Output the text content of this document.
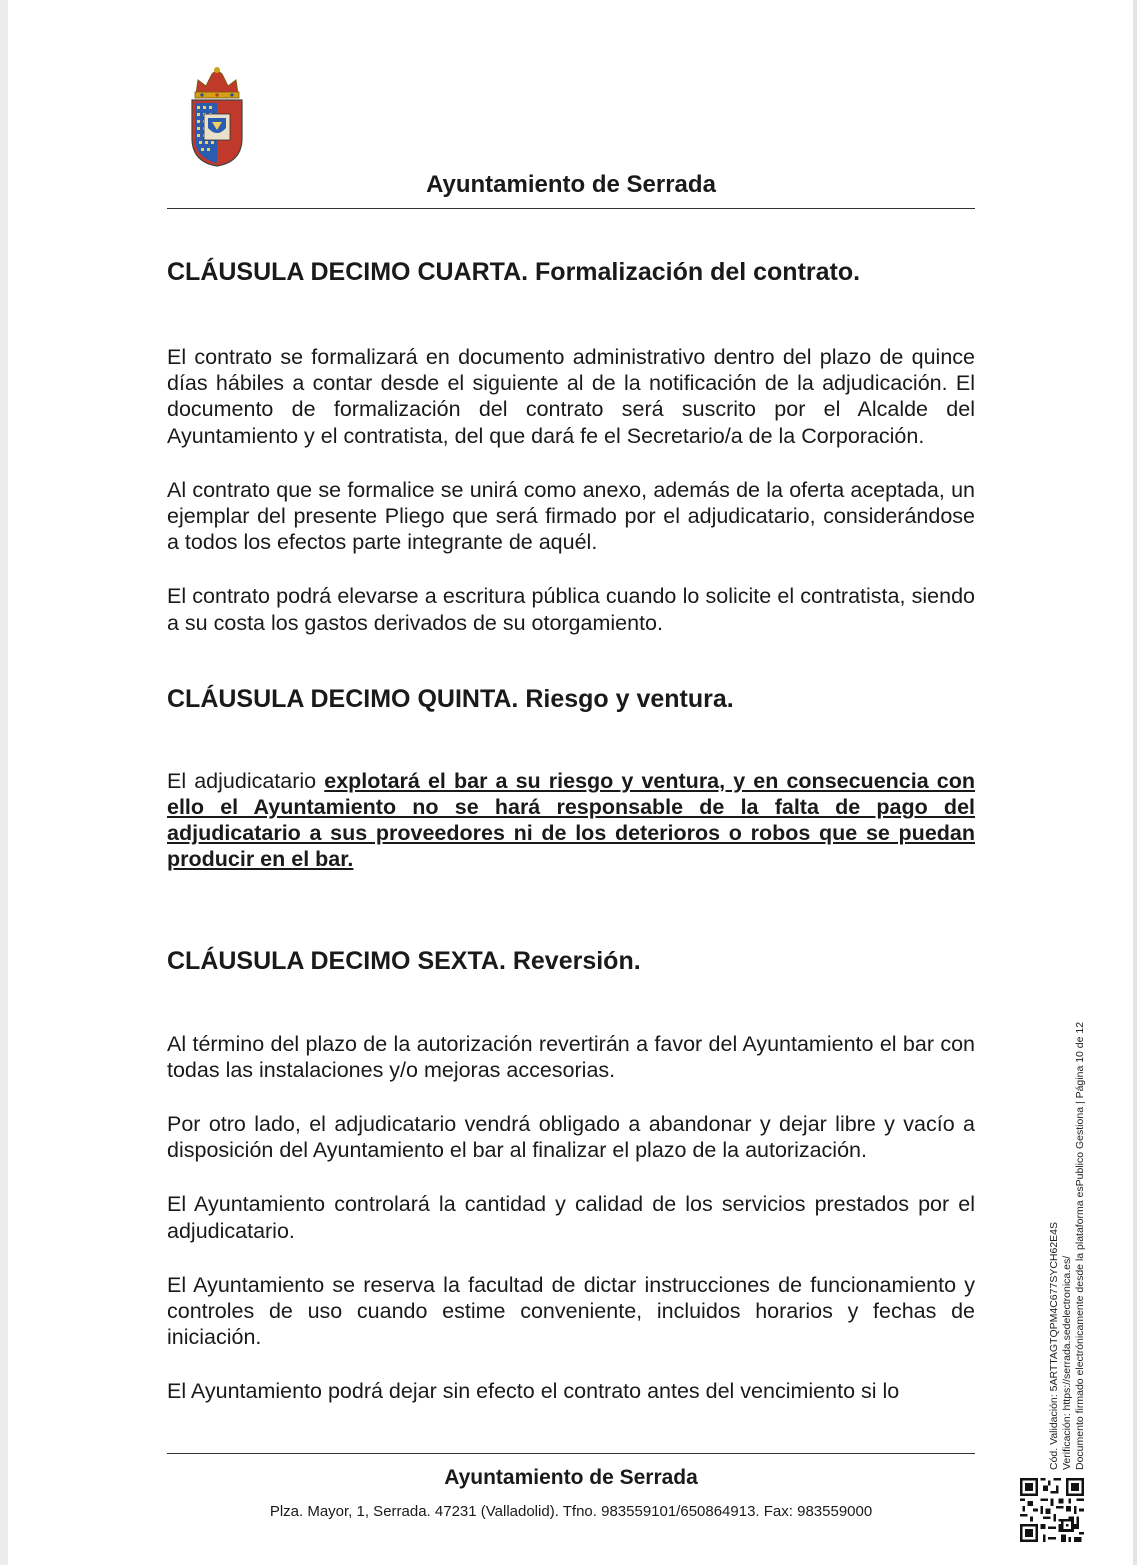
Ayuntamiento de Serrada
CLÁUSULA DECIMO CUARTA. Formalización del contrato.

El contrato se formalizará en documento administrativo dentro del plazo de quince días hábiles a contar desde el siguiente al de la notificación de la adjudicación. El documento de formalización del contrato será suscrito por el Alcalde del Ayuntamiento y el contratista, del que dará fe el Secretario/a de la Corporación.

Al contrato que se formalice se unirá como anexo, además de la oferta aceptada, un ejemplar del presente Pliego que será firmado por el adjudicatario, considerándose a todos los efectos parte integrante de aquél.

El contrato podrá elevarse a escritura pública cuando lo solicite el contratista, siendo a su costa los gastos derivados de su otorgamiento.

CLÁUSULA DECIMO QUINTA. Riesgo y ventura.

El adjudicatario explotará el bar a su riesgo y ventura, y en consecuencia con ello el Ayuntamiento no se hará responsable de la falta de pago del adjudicatario a sus proveedores ni de los deterioros o robos que se puedan producir en el bar.

CLÁUSULA DECIMO SEXTA. Reversión.

Al término del plazo de la autorización revertirán a favor del Ayuntamiento el bar con todas las instalaciones y/o mejoras accesorias.

Por otro lado, el adjudicatario vendrá obligado a abandonar y dejar libre y vacío a disposición del Ayuntamiento el bar al finalizar el plazo de la autorización.

El Ayuntamiento controlará la cantidad y calidad de los servicios prestados por el adjudicatario.

El Ayuntamiento se reserva la facultad de dictar instrucciones de funcionamiento y controles de uso cuando estime conveniente, incluidos horarios y fechas de iniciación.

El Ayuntamiento podrá dejar sin efecto el contrato antes del vencimiento si lo

Ayuntamiento de Serrada
Plza. Mayor, 1, Serrada. 47231 (Valladolid). Tfno. 983559101/650864913. Fax: 983559000
Cód. Validación: 5ARTTAGTQPM4C677SYCH62E4S Verificación: https://serrada.sedelectronica.es/ Documento firmado electrónicamente desde la plataforma esPublico Gestiona | Página 10 de 12
